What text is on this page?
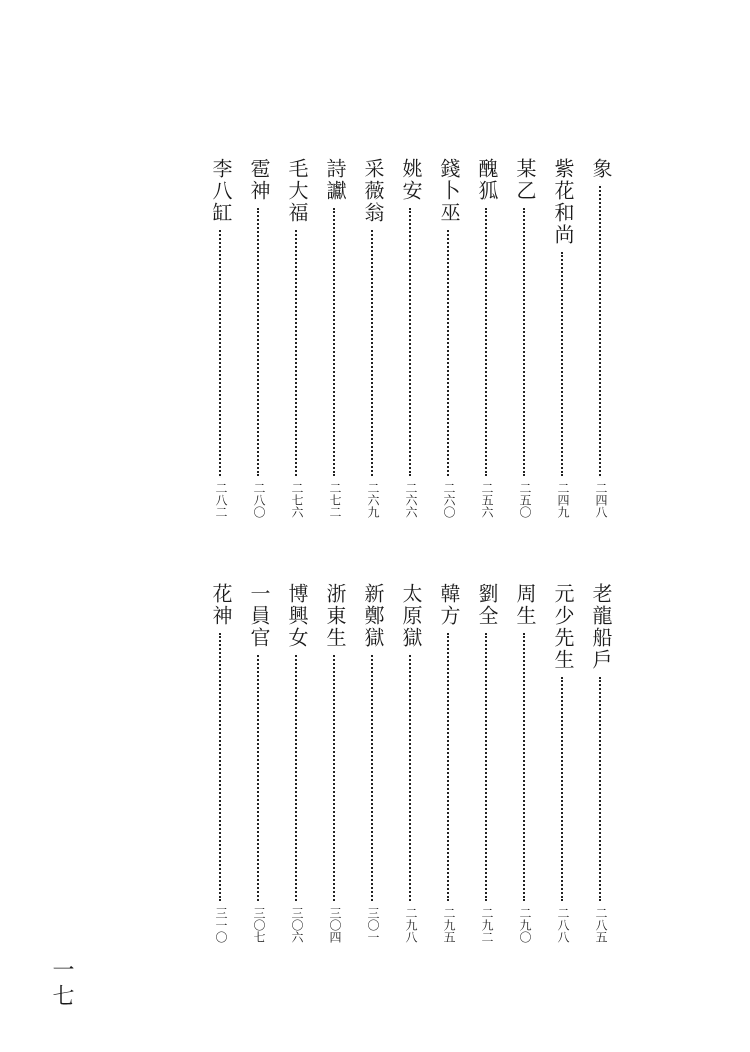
象
二四八
紫花和尚
二四九
某乙
二五〇
醜狐
二五六
錢卜巫
二六〇
姚安
二六六
采薇翁
二六九
詩讞
二七二
毛大福
二七六
雹神
二八〇
李八缸
二八二
老龍船戶
二八五
元少先生
二八八
周生
二九〇
劉全
二九二
韓方
二九五
太原獄
二九八
新鄭獄
三〇一
浙東生
三〇四
博興女
三〇六
一員官
三〇七
花神
三一〇
一七
